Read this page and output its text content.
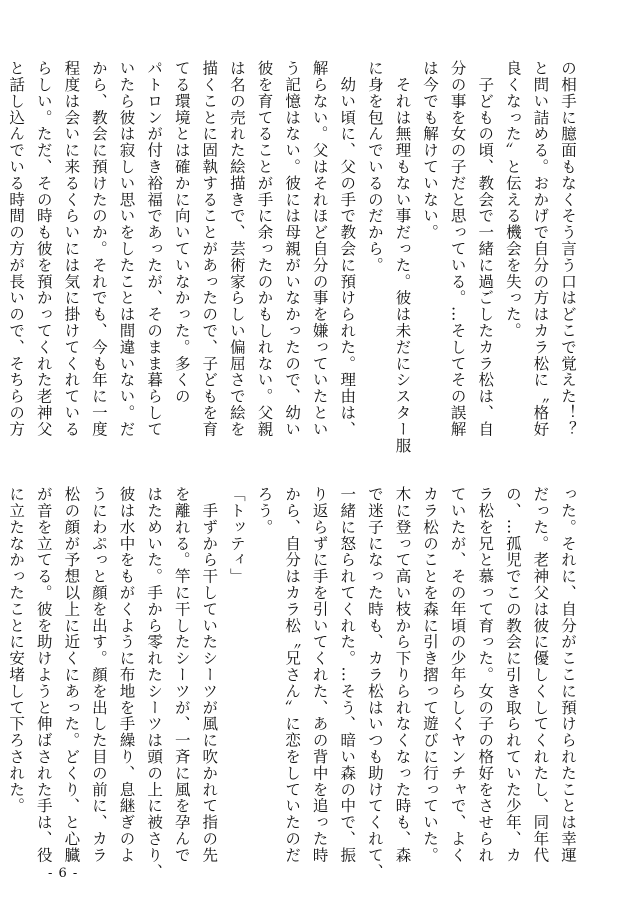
の相手に臆面もなくそう言う口はどこで覚えた！？
と問い詰める。おかげで自分の方はカラ松に〝格好
良くなった〟と伝える機会を失った。
　子どもの頃、教会で一緒に過ごしたカラ松は、自
分の事を女の子だと思っている。…そしてその誤解
は今でも解けていない。
　それは無理もない事だった。彼は未だにシスター服
に身を包んでいるのだから。
　幼い頃に、父の手で教会に預けられた。理由は、
解らない。父はそれほど自分の事を嫌っていたとい
う記憶はない。彼には母親がいなかったので、幼い
彼を育てることが手に余ったのかもしれない。父親
は名の売れた絵描きで、芸術家らしい偏屈さで絵を
描くことに固執することがあったので、子どもを育
てる環境とは確かに向いていなかった。多くの
パトロンが付き裕福であったが、そのまま暮らして
いたら彼は寂しい思いをしたことは間違いない。だ
から、教会に預けたのか。それでも、今も年に一度
程度は会いに来るくらいには気に掛けてくれている
らしい。ただ、その時も彼を預かってくれた老神父
と話し込んでいる時間の方が長いので、そちらの方

った。それに、自分がここに預けられたことは幸運
だった。老神父は彼に優しくしてくれたし、同年代
の、…孤児でこの教会に引き取られていた少年、カ
ラ松を兄と慕って育った。女の子の格好をさせられ
ていたが、その年頃の少年らしくヤンチャで、よく
カラ松のことを森に引き摺って遊びに行っていた。
木に登って高い枝から下りられなくなった時も、森
で迷子になった時も、カラ松はいつも助けてくれて、
一緒に怒られてくれた。…そう、暗い森の中で、振
り返らずに手を引いてくれた、あの背中を追った時
から、自分はカラ松〝兄さん〟に恋をしていたのだ
ろう。
「トッティ」
　手ずから干していたシーツが風に吹かれて指の先
を離れる。竿に干したシーツが、一斉に風を孕んで
はためいた。手から零れたシーツは頭の上に被さり、
彼は水中をもがくように布地を手繰り、息継ぎのよ
うにわぷっと顔を出す。顔を出した目の前に、カラ
松の顔が予想以上に近くにあった。どくり、と心臓
が音を立てる。彼を助けようと伸ばされた手は、役
に立たなかったことに安堵して下ろされた。

- 6 -
